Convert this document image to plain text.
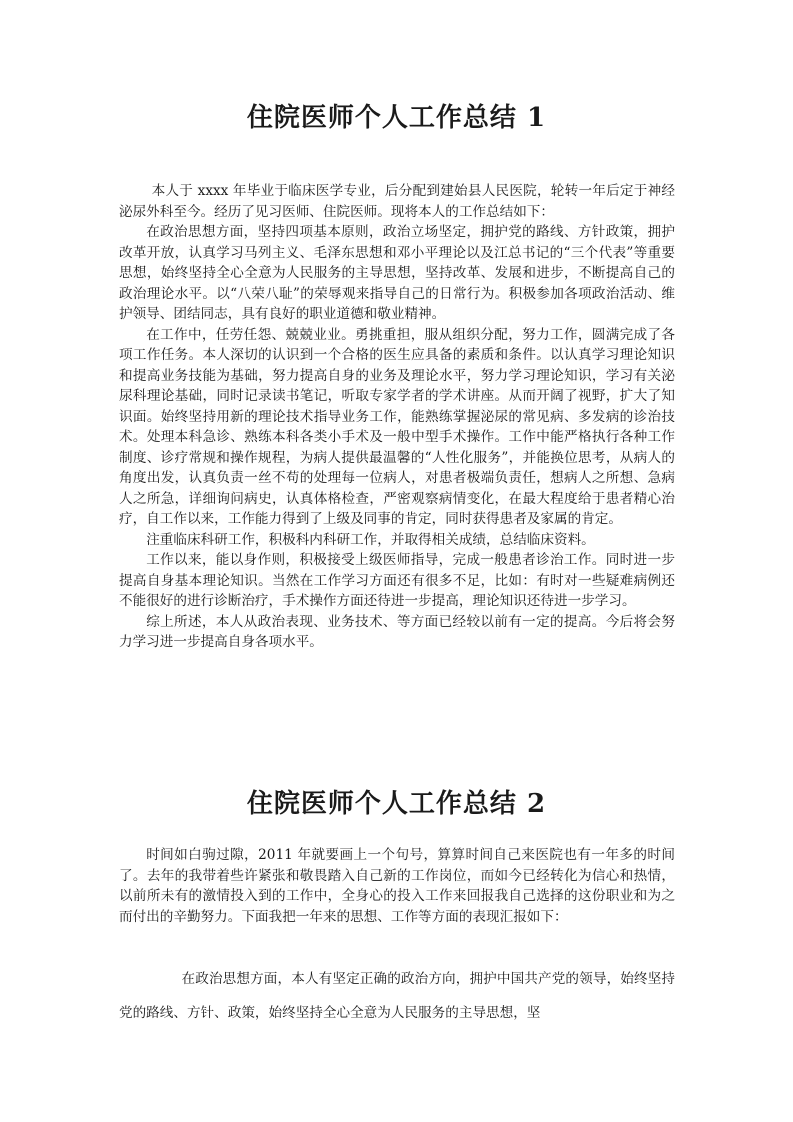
住院医师个人工作总结 1

本人于 xxxx 年毕业于临床医学专业，后分配到建始县人民医院，轮转一年后定于神经泌尿外科至今。经历了见习医师、住院医师。现将本人的工作总结如下：

在政治思想方面，坚持四项基本原则，政治立场坚定，拥护党的路线、方针政策，拥护改革开放，认真学习马列主义、毛泽东思想和邓小平理论以及江总书记的“三个代表”等重要思想，始终坚持全心全意为人民服务的主导思想，坚持改革、发展和进步，不断提高自己的政治理论水平。以“八荣八耻”的荣辱观来指导自己的日常行为。积极参加各项政治活动、维护领导、团结同志，具有良好的职业道德和敬业精神。

在工作中，任劳任怨、兢兢业业。勇挑重担，服从组织分配，努力工作，圆满完成了各项工作任务。本人深切的认识到一个合格的医生应具备的素质和条件。以认真学习理论知识和提高业务技能为基础，努力提高自身的业务及理论水平，努力学习理论知识，学习有关泌尿科理论基础，同时记录读书笔记，听取专家学者的学术讲座。从而开阔了视野，扩大了知识面。始终坚持用新的理论技术指导业务工作，能熟练掌握泌尿的常见病、多发病的诊治技术。处理本科急诊、熟练本科各类小手术及一般中型手术操作。工作中能严格执行各种工作制度、诊疗常规和操作规程，为病人提供最温馨的“人性化服务”，并能换位思考，从病人的角度出发，认真负责一丝不苟的处理每一位病人，对患者极端负责任，想病人之所想、急病人之所急，详细询问病史，认真体格检查，严密观察病情变化，在最大程度给于患者精心治疗，自工作以来，工作能力得到了上级及同事的肯定，同时获得患者及家属的肯定。

注重临床科研工作，积极科内科研工作，并取得相关成绩，总结临床资料。

工作以来，能以身作则，积极接受上级医师指导，完成一般患者诊治工作。同时进一步提高自身基本理论知识。当然在工作学习方面还有很多不足，比如：有时对一些疑难病例还不能很好的进行诊断治疗，手术操作方面还待进一步提高，理论知识还待进一步学习。

综上所述，本人从政治表现、业务技术、等方面已经较以前有一定的提高。今后将会努力学习进一步提高自身各项水平。

住院医师个人工作总结 2

时间如白驹过隙，2011 年就要画上一个句号，算算时间自己来医院也有一年多的时间了。去年的我带着些许紧张和敬畏踏入自己新的工作岗位，而如今已经转化为信心和热情，以前所未有的激情投入到的工作中，全身心的投入工作来回报我自己选择的这份职业和为之而付出的辛勤努力。下面我把一年来的思想、工作等方面的表现汇报如下：

在政治思想方面，本人有坚定正确的政治方向，拥护中国共产党的领导，始终坚持党的路线、方针、政策，始终坚持全心全意为人民服务的主导思想，坚
